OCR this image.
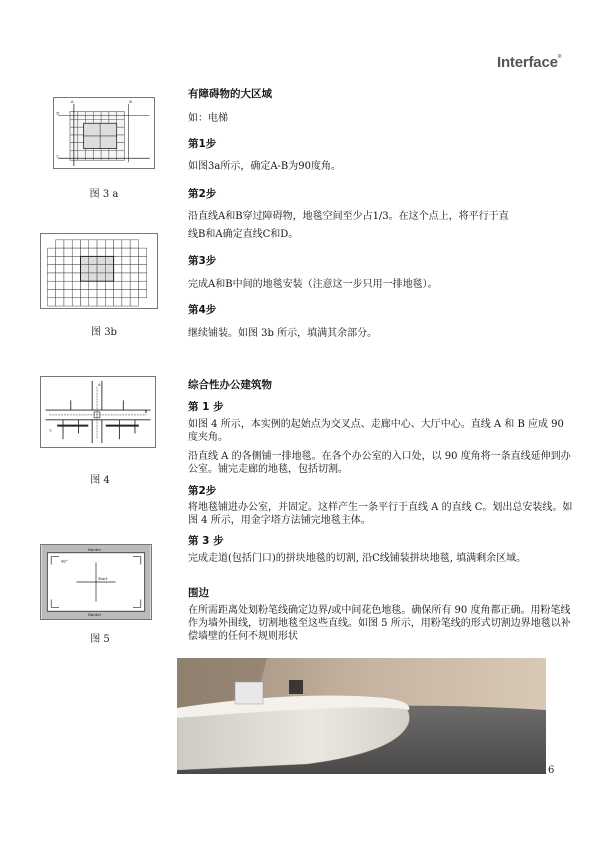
Interface®
A	B
D
C
图 3 a
图 3b
A
B
C
图 4
Border
Border
Start
90°
图 5
有障碍物的大区域
如：电梯
第1步
如图3a所示，确定A-B为90度角。
第2步
沿直线A和B穿过障碍物，地毯空间至少占1/3。在这个点上，将平行于直
线B和A确定直线C和D。
第3步
完成A和B中间的地毯安装（注意这一步只用一排地毯）。
第4步
继续铺装。如图 3b 所示，填满其余部分。
综合性办公建筑物
第 1 步
如图 4 所示，本实例的起始点为交叉点、走廊中心、大厅中心。直线 A 和 B 应成 90 度夹角。
沿直线 A 的各侧铺一排地毯。在各个办公室的入口处，以 90 度角将一条直线延伸到办公室。铺完走廊的地毯，包括切割。
第2步
将地毯铺进办公室，并固定。这样产生一条平行于直线 A 的直线 C。划出总安装线。如图 4 所示，用金字塔方法铺完地毯主体。
第 3 步
完成走道(包括门口)的拼块地毯的切割, 沿C线铺装拼块地毯, 填满剩余区域。
围边
在所需距离处划粉笔线确定边界/或中间花色地毯。确保所有 90 度角都正确。用粉笔线作为墙外围线，切割地毯至这些直线。如图 5 所示，用粉笔线的形式切割边界地毯以补偿墙壁的任何不规则形状
6
